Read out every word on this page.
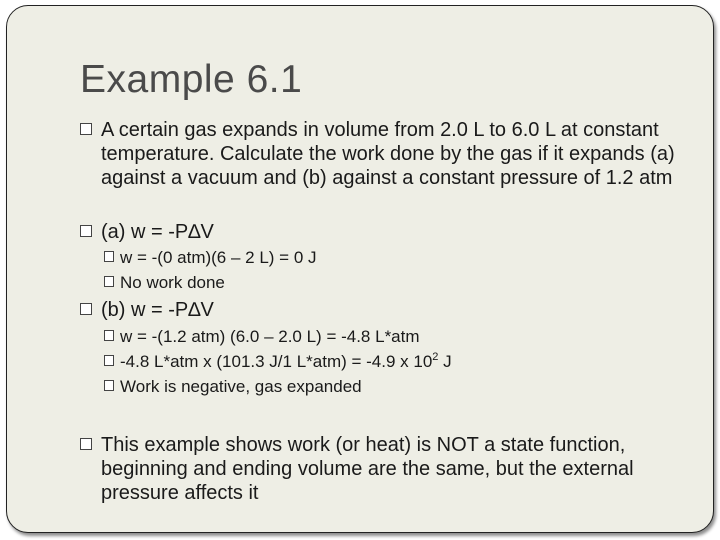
Example 6.1
A certain gas expands in volume from 2.0 L to 6.0 L at constant temperature. Calculate the work done by the gas if it expands (a) against a vacuum and (b) against a constant pressure of 1.2 atm
(a) w = -P∆V
w = -(0 atm)(6 – 2 L) = 0 J
No work done
(b) w = -P∆V
w = -(1.2 atm) (6.0 – 2.0 L) = -4.8 L*atm
-4.8 L*atm x (101.3 J/1 L*atm) = -4.9 x $10^2$ J
Work is negative, gas expanded
This example shows work (or heat) is NOT a state function, beginning and ending volume are the same, but the external pressure affects it
